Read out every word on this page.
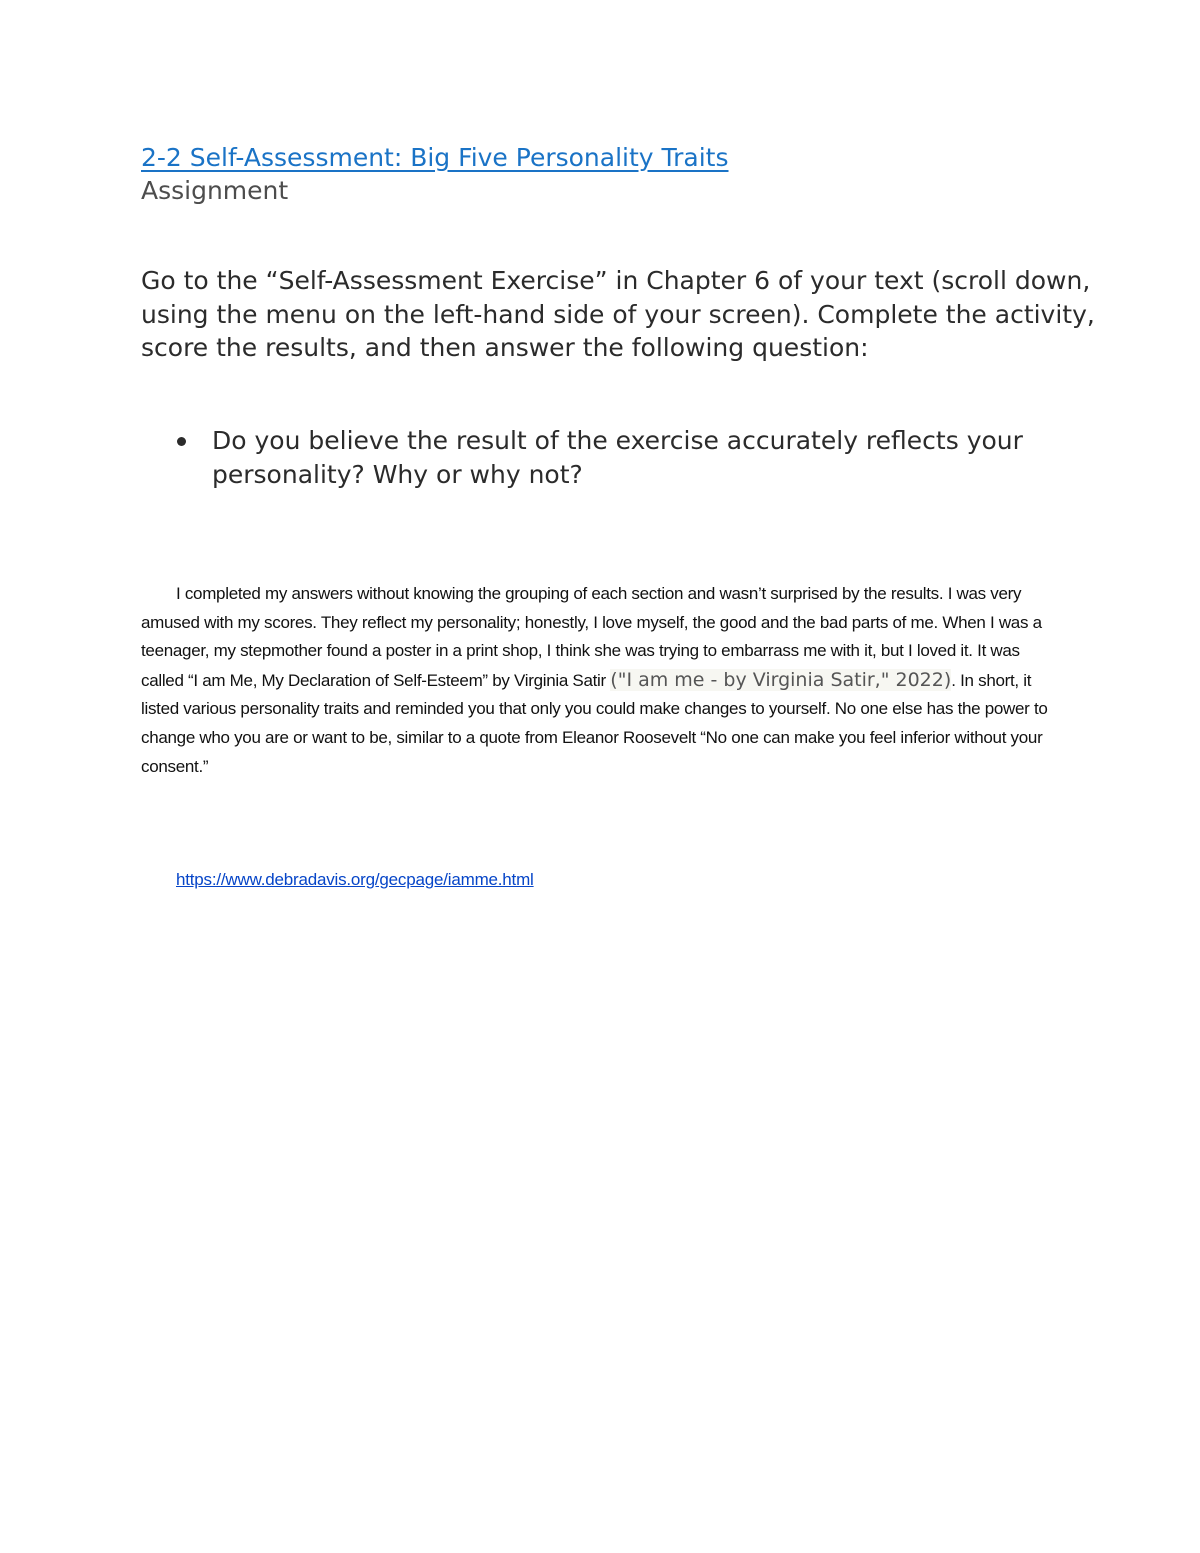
2-2 Self-Assessment: Big Five Personality Traits

Assignment

Go to the “Self-Assessment Exercise” in Chapter 6 of your text (scroll down, using the menu on the left-hand side of your screen). Complete the activity, score the results, and then answer the following question:

Do you believe the result of the exercise accurately reflects your personality? Why or why not?

I completed my answers without knowing the grouping of each section and wasn’t surprised by the results. I was very amused with my scores. They reflect my personality; honestly, I love myself, the good and the bad parts of me. When I was a teenager, my stepmother found a poster in a print shop, I think she was trying to embarrass me with it, but I loved it. It was called “I am Me, My Declaration of Self-Esteem” by Virginia Satir ("I am me - by Virginia Satir," 2022). In short, it listed various personality traits and reminded you that only you could make changes to yourself. No one else has the power to change who you are or want to be, similar to a quote from Eleanor Roosevelt “No one can make you feel inferior without your consent.”

https://www.debradavis.org/gecpage/iamme.html
